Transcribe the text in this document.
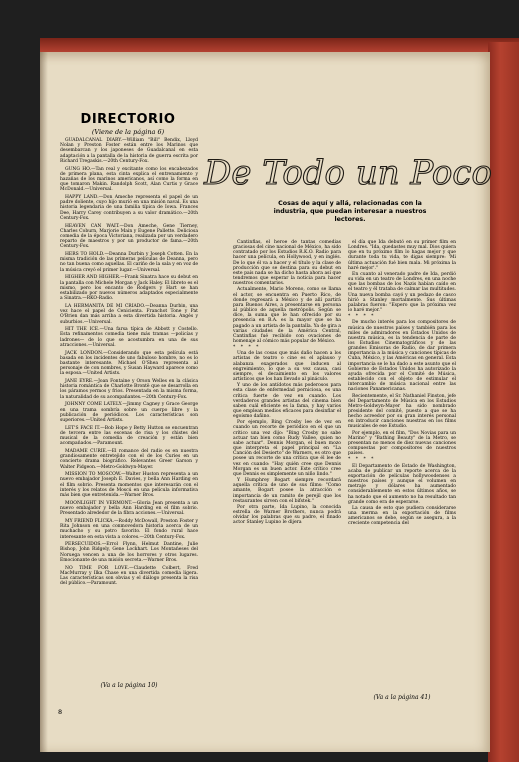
DIRECTORIO
(Viene de la página 6)

GUADALCANAL DIARY.—William "Bill" Bendix, Lloyd Nolan y Preston Foster están entre los Marinos que desembarcan y los japoneses de Guadalcanal en esta adaptación a la pantalla de la historia de guerra escrita por Richard Tregaskis.—20th Century-Fox.

GUNG HO.—Tan real y excitante como los encabezados de primera plana, esta cinta explica el entrenamiento y hazañas de los marinos americanos, así como la forma en que tomaron Makin. Randolph Scott, Alan Curtis y Grace McDonald.—Universal.

HAPPY LAND.—Don Ameche representa el papel de un padre doliente, cuyo hijo murió en una misión naval. Es una historia legendaria de una familia típica de Iowa. Frances Dee, Harry Carey contribuyen a su valor dramático.—20th Century-Fox.

HEAVEN CAN WAIT.—Don Ameche, Gene Tierney, Charles Coburn, Marjorie Main y Eugene Pallette. Deliciosa comedia de la época Victoriana, realizada por un verdadero reparto de maestros y por un productor de fama.—20th Century-Fox.

HERS TO HOLD.—Deanna Durbin y Joseph Cotten. En la misma tradición de las primeras películas de Deanna, pero no tan buena como aquellas. El cariño de la sala y en voz de la música creyó el primer lugar.—Universal.

HIGHER AND HIGHER.—Frank Sinatra hace su debut en la pantalla con Michele Morgan y Jack Haley. El libreto es el mismo, pero los encanto de Rodgers y Hart se han estabilizado por nuevos números adaptados especialmente a Sinatra.—RKO-Radio.

LA HERMANITA DE MI CRIADO.—Deanna Durbin, una vez hace el papel de Cenicienta. Franchot Tone y Pat O'Brien dan más arriba a esta divertida historia. Angés y suburbios.—Universal.

HIT THE ICE.—Una farsa típica de Abbott y Costello. Esta refinamentos comedia tiene más tramas —policías y ladrones— de lo que se acostumbra en una de sus atracciones.—Universal.

JACK LONDON.—Considerando que esta película está basada en los incidentes de uno fabuloso hombre, no es lo bastante interesante. Michael O'Shea representa al personaje de con nombres, y Susan Hayward aparece como la esposa.—United Artists.

JANE EYRE.—Joan Fontaine y Orson Welles en la clásica historia romántica de Charlotte Brontë que se desarrolla en los páramos yermos y frios. Presentada en la misma forma, la naturalidad de su acompañantes.—20th Century-Fox.

JOHNNY COME LATELY.—Jimmy Cagney y Grace George en una trama sombría sobre un cuerpo libre y la publicación de periódicos. Los características son superiores.—United Artists.

LET'S FACE IT.—Bob Hope y Betty Hutton se encuentran de tercera entre las escenas de risa y los chistes del musical de la comedia de creación y están bien acompañados.—Paramount.

MADAME CURIE.—El romance del radio es en nuestra grandiosamente entretejido con el de los Curies en un concierto drama biográfico. Relevantes Greer Garson y Walter Pidgeon.—Metro-Goldwyn-Mayer.

MISSION TO MOSCOW.—Walter Huston representa a un nuevo embajador Joseph E. Davies, y bella Ann Harding en el film sobrio. Presenta momentos que interesarán con el interés y los relatos de Moscú en una película informativa más bien que entretenida.—Warner Bros.

MOONLIGHT IN VERMONT.—Gloria Jean presenta a un nuevo embajador y bella Ann Harding en el film sobrio. Presentado alrededor de la fibra acciones.—Universal.

MY FRIEND FLICKA.—Roddy McDowall, Preston Foster y Rita Johnson en una conmovedora historia acerca de un muchacho y su potro favorito. El fondo rural hace interesante en esta vista a colores.—20th Century-Fox.

PERSECUIDOS.—Errol Flynn, Helmut Dantine, Julie Bishop, John Ridgely, Gene Lockhart. Los Montañeses del Noruega vencen a una de los horrores y otros lugares. Emocionante de una misión secreta.—Warner Bros.

NO TIME FOR LOVE.—Claudette Colbert, Fred MacMurray y Ilka Chase en una divertida comedia ligera. Las características son obvias y el diálogo presenta la risa del público.—Paramount.

(Va a la página 10)
8
De Todo un Poco
Cosas de aquí y allá, relacionadas con la industria, que puedan interesar a nuestros lectores.

Cantinflas, el heroe de tantas comedias graciosas del cine nacional de México, ha sido contratado por los Estudios R.K.O. Radio para hacer una película, en Hollywood, y en inglés. De lo que él va a hacer y el título y la clase de producción que se destina para su debut en este país nada se ha dicho hasta ahora así que tendremos que esperar la noticia para hacer nuestros comentarios.

Actualmente, Mario Moreno, como se llama el actor, se encuentra en Puerto Rico, de donde regresará a México y de allí partirá para Buenos Aires, a presentarse en persona al público de aquella metrópolis. Según se dice, la suma que le han ofrecido por su presencia en B.A. es la mayor que se ha pagado a un artista de la pantalla. Ya de gira a varias ciudades de la América Central, Cantinflas fué recibido con ovaciones de homenaje al cómico más popular de México.

* * * *

Una de las cosas que más daño hacen a los artistas de teatro o cine es el aplauso y alabanza exagerados que inducen al engreimiento, lo que a su vez causa, casi siempre, el decaimiento en los valores artísticos que los han llevado al pináculo.

Y uno de los antídotos más poderosos para esta clase de enfermedad perniciosa, es una crítica fuerte de vez en cuando. Los verdaderos grandes artistas del cinema bien saben cuál eficiente es la fama, y hay varios que emplean medios eficaces para desinflar el egoísmo dañino.

Por ejemplo, Bing Crosby lee de vez en cuando un recorte de periódico en el que un crítico una vez dijo: "Bing Crosby no sabe actuar tan bien como Rudy Vallee, quien no sabe actuar". Dennis Morgan, el buen mozo que interpreta el papel principal en "La Canción del Desierto" de Warners, es otro que posee un recorte de una crítica que él lee de vez en cuando: "Hay quién cree que Dennis Morgan es un buen actor. Este crítico cree que Dennis es simplemente un niño lindo."

Y Humphrey Bogart siempre recordará aquella crítica de uno de sus films: "Como amante, Bogart posee la atracción e importancia de un ramito de perejil que los restaurantes sirven con el bifstek."

Por otra parte, Ida Lupino, la conocida estrella de Warner Brothers, nunca podrá olvidar los palabras que su padre, el finado actor Stanley Lupino le dijera

el día que Ida debutó en su primer film en Londres. "Ida, quedastes muy mal. Dios quiera que en tu próximo film lo hagas mejor y que durante toda tu vida, te digas siempre: 'Mi última actuación fué bien mala. Mi próxima la haré mejor'."

En cuanto al venerado padre de Ida, perdió su vida en un teatro de Londres, en una noche que las bombas de los Nazis habían caído en el teatro y él trataba de calmar las multitudes. Una nueva bomba cayó y un pedazo de casco hirió a Stanley mortalmente. Sus últimas palabras fueron: "Espero que la próxima vez lo haré mejor."

* * * *

De mucho interés para los compositores de música de nuestros países y también para los miles de admiradores en Estados Unidos de nuestra música, es la tendencia de parte de los Estudios Cinematográficos y de las grandes Emisoras de Radio, de dar primera importancia a la música y canciones típicas de Cuba, México, y las Américas en general. Esta importancia se le ha dado a este asunto que el Gobierno de Estados Unidos ha autorizado la ayuda ofrecida por el Comité de Música, establecido con el objeto de estimular el intercambio de música nacional entre las naciones Panamericanas.

Recientemente, el Sr. Nathaniel Finston, jefe del Departamento de Música en los Estudios Metro-Goldwyn-Mayer ha sido nombrado presidente del comité, puesto a que se ha hecho acreedor por su gran interés personal en introducir canciones nuestras en los films musicales de ese Estudio.

Por ejemplo, en el film, "Dos Novias para un Marino" y "Bathing Beauty" de la Metro, se presentan no menos de diez nuevas canciones compuestas por compositores de nuestros países.

* * * *

El Departamento de Estado de Washington, acaba de publicar un reporte acerca de la exportación de películas hollywoodenses a nuestros países y aunque el volumen en metraje y dólares ha aumentado considerablemente en estos últimos años, se ha notado que el aumento no ha resultado tan grande como era de esperarse.

La causa de esto que pudiera considerarse una merma en la exportación de films americanos se debe, según se asegura, a la creciente competencia del

(Va a la página 41)
